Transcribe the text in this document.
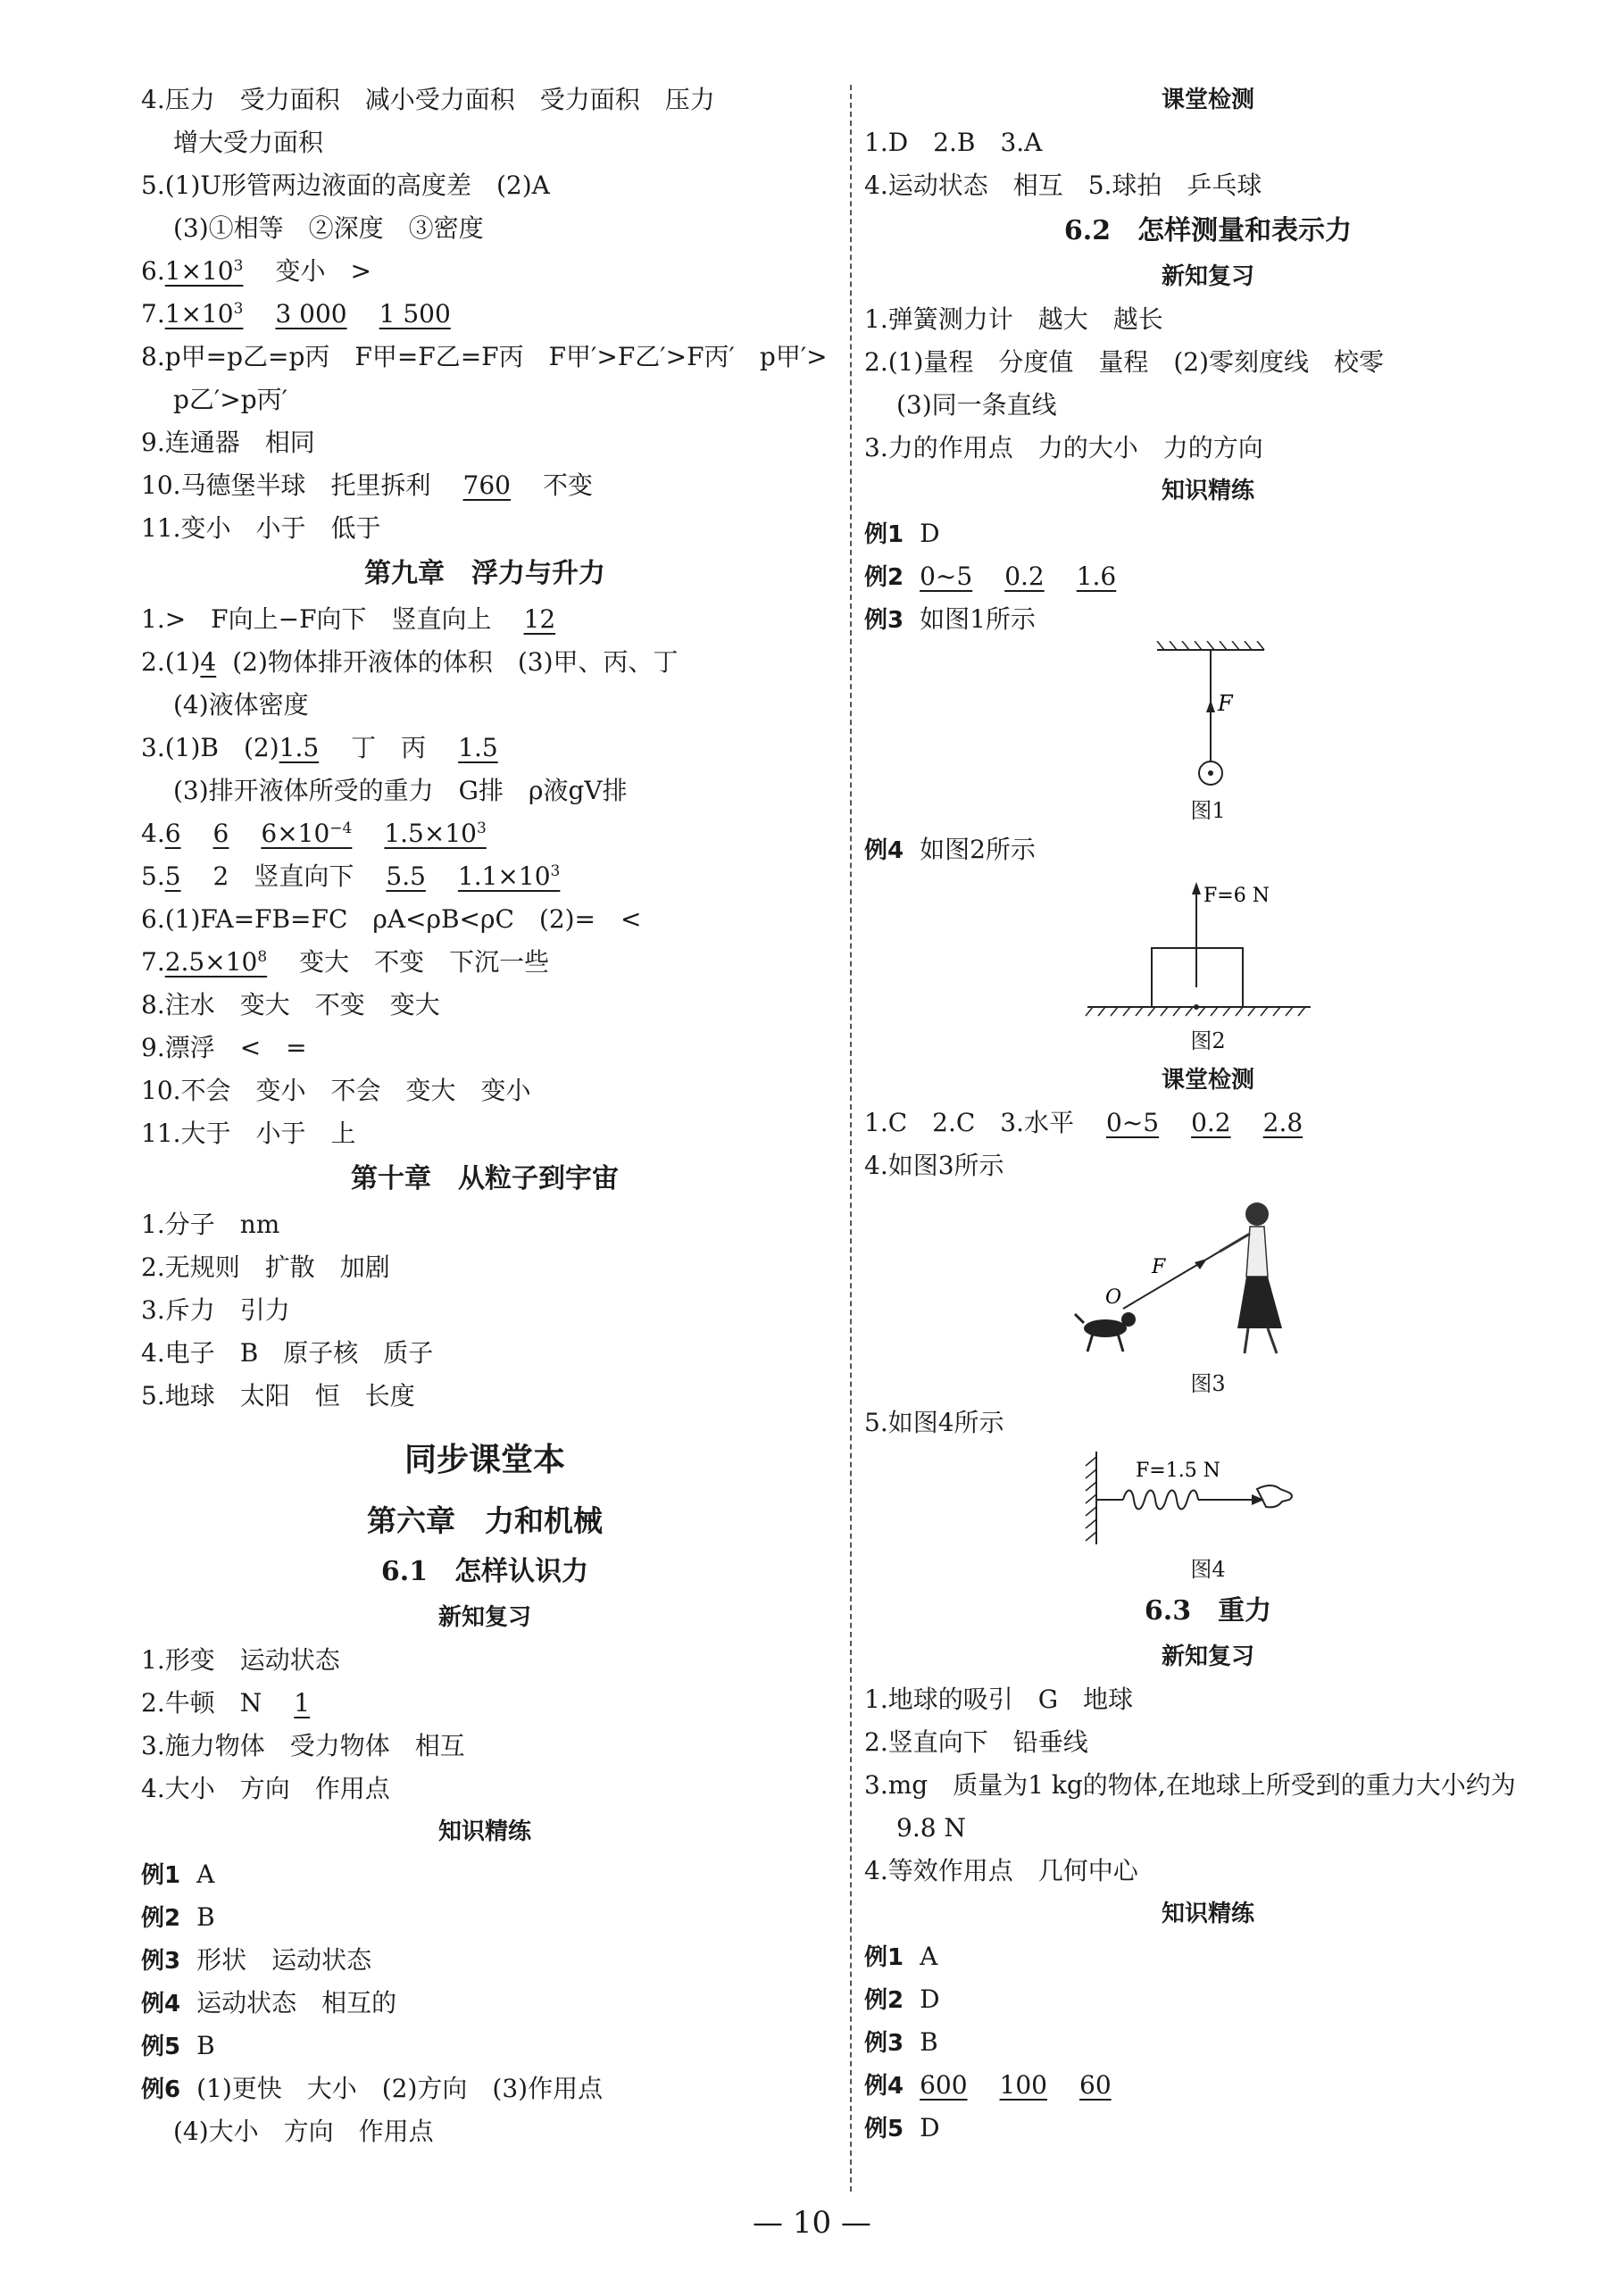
4.压力　受力面积　减小受力面积　受力面积　压力
增大受力面积
5.(1)U形管两边液面的高度差　(2)A
(3)①相等　②深度　③密度
$6.1\times 10^3$ 变小　>
$7.1\times 10^3$ 3 000 1 500
8.p甲=p乙=p丙　F甲=F乙=F丙　F甲′>F乙′>F丙′　p甲′>
p乙′>p丙′
9.连通器　相同
10.马德堡半球　托里拆利 760 不变
11.变小　小于　低于
第九章　浮力与升力
1.>　F向上−F向下　竖直向上 12
2.(1)4 (2)物体排开液体的体积　(3)甲、丙、丁
(4)液体密度
3.(1)B　(2)1.5 丁　丙 1.5
(3)排开液体所受的重力　G排　ρ液gV排
4.6 6 $6\times 10^{-4}$ $1.5\times 10^3$
5.5 2　竖直向下 5.5 $1.1\times 10^3$
6.(1)FA=FB=FC　ρA<ρB<ρC　(2)=　<
$7.2.5\times 10^8$ 变大　不变　下沉一些
8.注水　变大　不变　变大
9.漂浮　<　=
10.不会　变小　不会　变大　变小
11.大于　小于　上
第十章　从粒子到宇宙
1.分子　nm
2.无规则　扩散　加剧
3.斥力　引力
4.电子　B　原子核　质子
5.地球　太阳　恒　长度
同步课堂本
第六章　力和机械
6.1　怎样认识力
新知复习
1.形变　运动状态
2.牛顿　N 1
3.施力物体　受力物体　相互
4.大小　方向　作用点
知识精练
例1 A
例2 B
例3 形状　运动状态
例4 运动状态　相互的
例5 B
例6 (1)更快　大小　(2)方向　(3)作用点
(4)大小　方向　作用点
课堂检测
1.D　2.B　3.A
4.运动状态　相互　5.球拍　乒乓球
6.2　怎样测量和表示力
新知复习
1.弹簧测力计　越大　越长
2.(1)量程　分度值　量程　(2)零刻度线　校零
(3)同一条直线
3.力的作用点　力的大小　力的方向
知识精练
例1 D
例2 0~5 0.2 1.6
例3 如图1所示
F
图1
例4 如图2所示
F=6 N
图2
课堂检测
1.C　2.C　3.水平 0~5 0.2 2.8
4.如图3所示
F
O
图3
5.如图4所示
F=1.5 N
图4
6.3　重力
新知复习
1.地球的吸引　G　地球
2.竖直向下　铅垂线
3.mg　质量为1 kg的物体,在地球上所受到的重力大小约为
9.8 N
4.等效作用点　几何中心
知识精练
例1 A
例2 D
例3 B
例4 600 100 60
例5 D
— 10 —
